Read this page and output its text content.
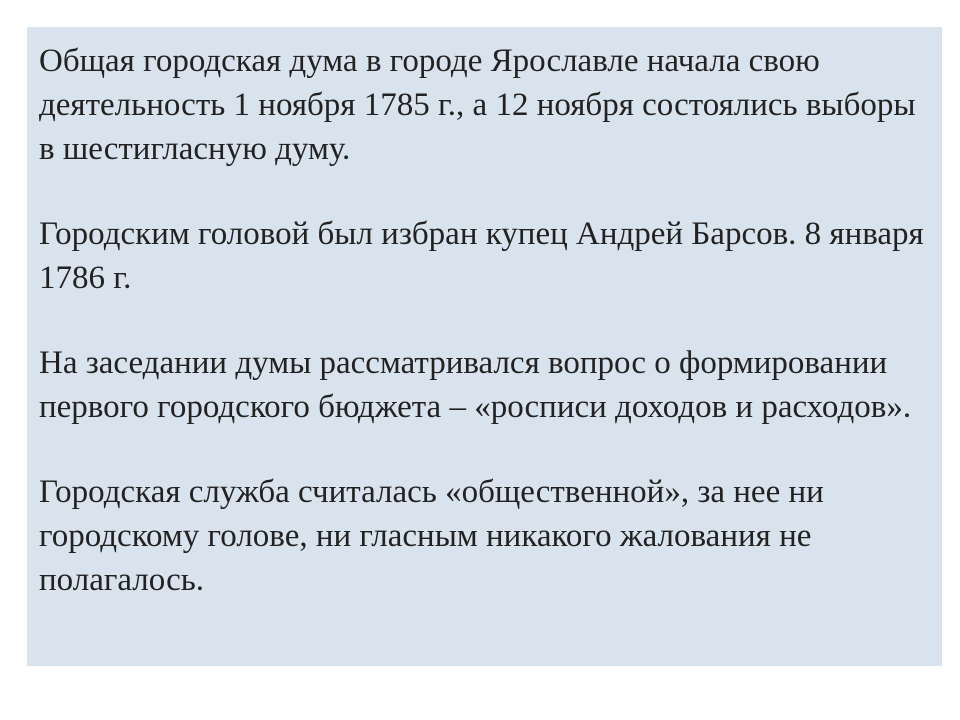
Общая городская дума в городе Ярославле начала свою деятельность 1 ноября 1785 г., а 12 ноября состоялись выборы в шестигласную думу.

Городским головой был избран купец Андрей Барсов. 8 января 1786 г.

На заседании думы рассматривался вопрос о формировании первого городского бюджета – «росписи доходов и расходов».

Городская служба считалась «общественной», за нее ни городскому голове, ни гласным никакого жалования не полагалось.
